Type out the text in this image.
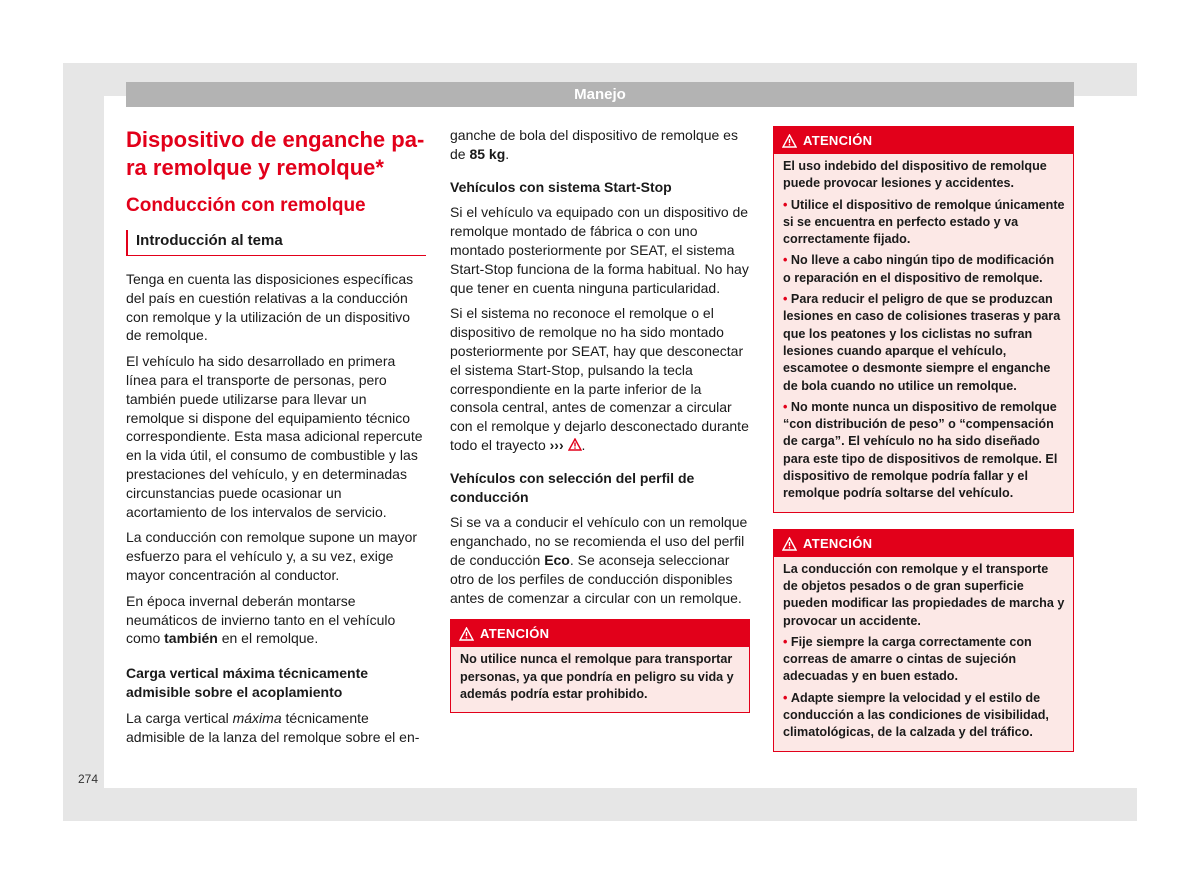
Manejo
Dispositivo de enganche pa-
ra remolque y remolque*
Conducción con remolque
Introducción al tema

Tenga en cuenta las disposiciones específicas del país en cuestión relativas a la conducción con remolque y la utilización de un dispositivo de remolque.

El vehículo ha sido desarrollado en primera línea para el transporte de personas, pero también puede utilizarse para llevar un remolque si dispone del equipamiento técnico correspondiente. Esta masa adicional repercute en la vida útil, el consumo de combustible y las prestaciones del vehículo, y en determinadas circunstancias puede ocasionar un acortamiento de los intervalos de servicio.

La conducción con remolque supone un mayor esfuerzo para el vehículo y, a su vez, exige mayor concentración al conductor.

En época invernal deberán montarse neumáticos de invierno tanto en el vehículo como también en el remolque.

Carga vertical máxima técnicamente admisible sobre el acoplamiento

La carga vertical máxima técnicamente admisible de la lanza del remolque sobre el en-

ganche de bola del dispositivo de remolque es de 85 kg.

Vehículos con sistema Start-Stop

Si el vehículo va equipado con un dispositivo de remolque montado de fábrica o con uno montado posteriormente por SEAT, el sistema Start-Stop funciona de la forma habitual. No hay que tener en cuenta ninguna particularidad.

Si el sistema no reconoce el remolque o el dispositivo de remolque no ha sido montado posteriormente por SEAT, hay que desconectar el sistema Start-Stop, pulsando la tecla correspondiente en la parte inferior de la consola central, antes de comenzar a circular con el remolque y dejarlo desconectado durante todo el trayecto ››› .

Vehículos con selección del perfil de conducción

Si se va a conducir el vehículo con un remolque enganchado, no se recomienda el uso del perfil de conducción Eco. Se aconseja seleccionar otro de los perfiles de conducción disponibles antes de comenzar a circular con un remolque.

ATENCIÓN

No utilice nunca el remolque para transportar personas, ya que pondría en peligro su vida y además podría estar prohibido.

ATENCIÓN

El uso indebido del dispositivo de remolque puede provocar lesiones y accidentes.

• Utilice el dispositivo de remolque únicamente si se encuentra en perfecto estado y va correctamente fijado.

• No lleve a cabo ningún tipo de modificación o reparación en el dispositivo de remolque.

• Para reducir el peligro de que se produzcan lesiones en caso de colisiones traseras y para que los peatones y los ciclistas no sufran lesiones cuando aparque el vehículo, escamotee o desmonte siempre el enganche de bola cuando no utilice un remolque.

• No monte nunca un dispositivo de remolque “con distribución de peso” o “compensación de carga”. El vehículo no ha sido diseñado para este tipo de dispositivos de remolque. El dispositivo de remolque podría fallar y el remolque podría soltarse del vehículo.

ATENCIÓN

La conducción con remolque y el transporte de objetos pesados o de gran superficie pueden modificar las propiedades de marcha y provocar un accidente.

• Fije siempre la carga correctamente con correas de amarre o cintas de sujeción adecuadas y en buen estado.

• Adapte siempre la velocidad y el estilo de conducción a las condiciones de visibilidad, climatológicas, de la calzada y del tráfico.

274
